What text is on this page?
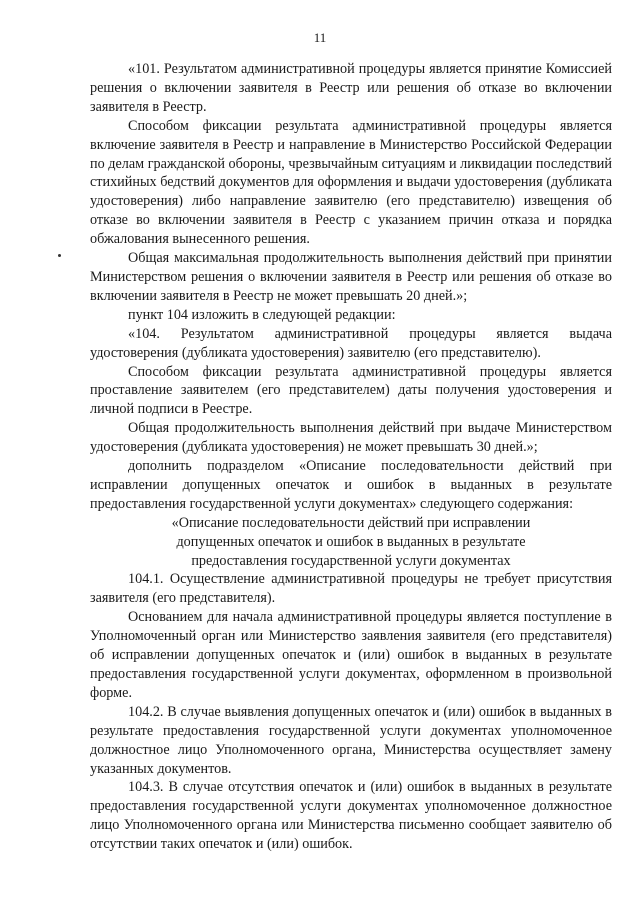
11

«101. Результатом административной процедуры является принятие Комиссией решения о включении заявителя в Реестр или решения об отказе во включении заявителя в Реестр.

Способом фиксации результата административной процедуры является включение заявителя в Реестр и направление в Министерство Российской Федерации по делам гражданской обороны, чрезвычайным ситуациям и ликвидации последствий стихийных бедствий документов для оформления и выдачи удостоверения (дубликата удостоверения) либо направление заявителю (его представителю) извещения об отказе во включении заявителя в Реестр с указанием причин отказа и порядка обжалования вынесенного решения.

Общая максимальная продолжительность выполнения действий при принятии Министерством решения о включении заявителя в Реестр или решения об отказе во включении заявителя в Реестр не может превышать 20 дней.»;

пункт 104 изложить в следующей редакции:

«104. Результатом административной процедуры является выдача удостоверения (дубликата удостоверения) заявителю (его представителю).

Способом фиксации результата административной процедуры является проставление заявителем (его представителем) даты получения удостоверения и личной подписи в Реестре.

Общая продолжительность выполнения действий при выдаче Министерством удостоверения (дубликата удостоверения) не может превышать 30 дней.»;

дополнить подразделом «Описание последовательности действий при исправлении допущенных опечаток и ошибок в выданных в результате предоставления государственной услуги документах» следующего содержания:

«Описание последовательности действий при исправлении

допущенных опечаток и ошибок в выданных в результате

предоставления государственной услуги документах

104.1. Осуществление административной процедуры не требует присутствия заявителя (его представителя).

Основанием для начала административной процедуры является поступление в Уполномоченный орган или Министерство заявления заявителя (его представителя) об исправлении допущенных опечаток и (или) ошибок в выданных в результате предоставления государственной услуги документах, оформленном в произвольной форме.

104.2. В случае выявления допущенных опечаток и (или) ошибок в выданных в результате предоставления государственной услуги документах уполномоченное должностное лицо Уполномоченного органа, Министерства осуществляет замену указанных документов.

104.3. В случае отсутствия опечаток и (или) ошибок в выданных в результате предоставления государственной услуги документах уполномоченное должностное лицо Уполномоченного органа или Министерства письменно сообщает заявителю об отсутствии таких опечаток и (или) ошибок.
